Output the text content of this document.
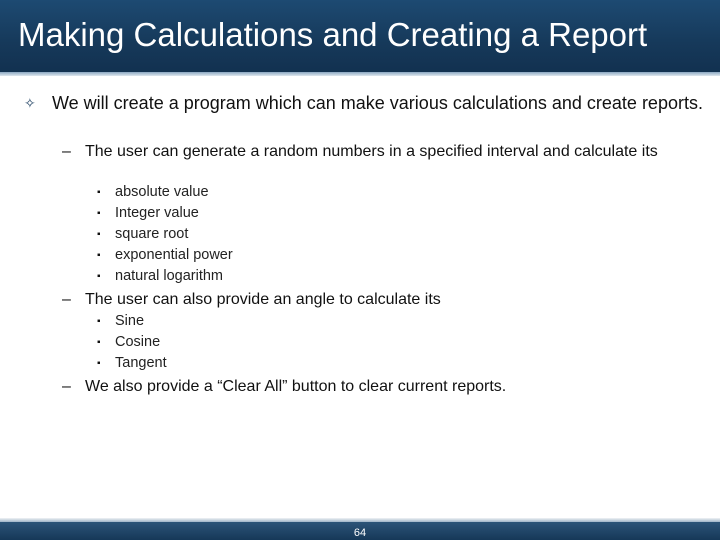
Making Calculations and Creating a Report
✧ We will create a program which can make various calculations and create reports.
– The user can generate a random numbers in a specified interval and calculate its
▪ absolute value
▪ Integer value
▪ square root
▪ exponential power
▪ natural logarithm
– The user can also provide an angle to calculate its
▪ Sine
▪ Cosine
▪ Tangent
– We also provide a “Clear All” button to clear current reports.
64
